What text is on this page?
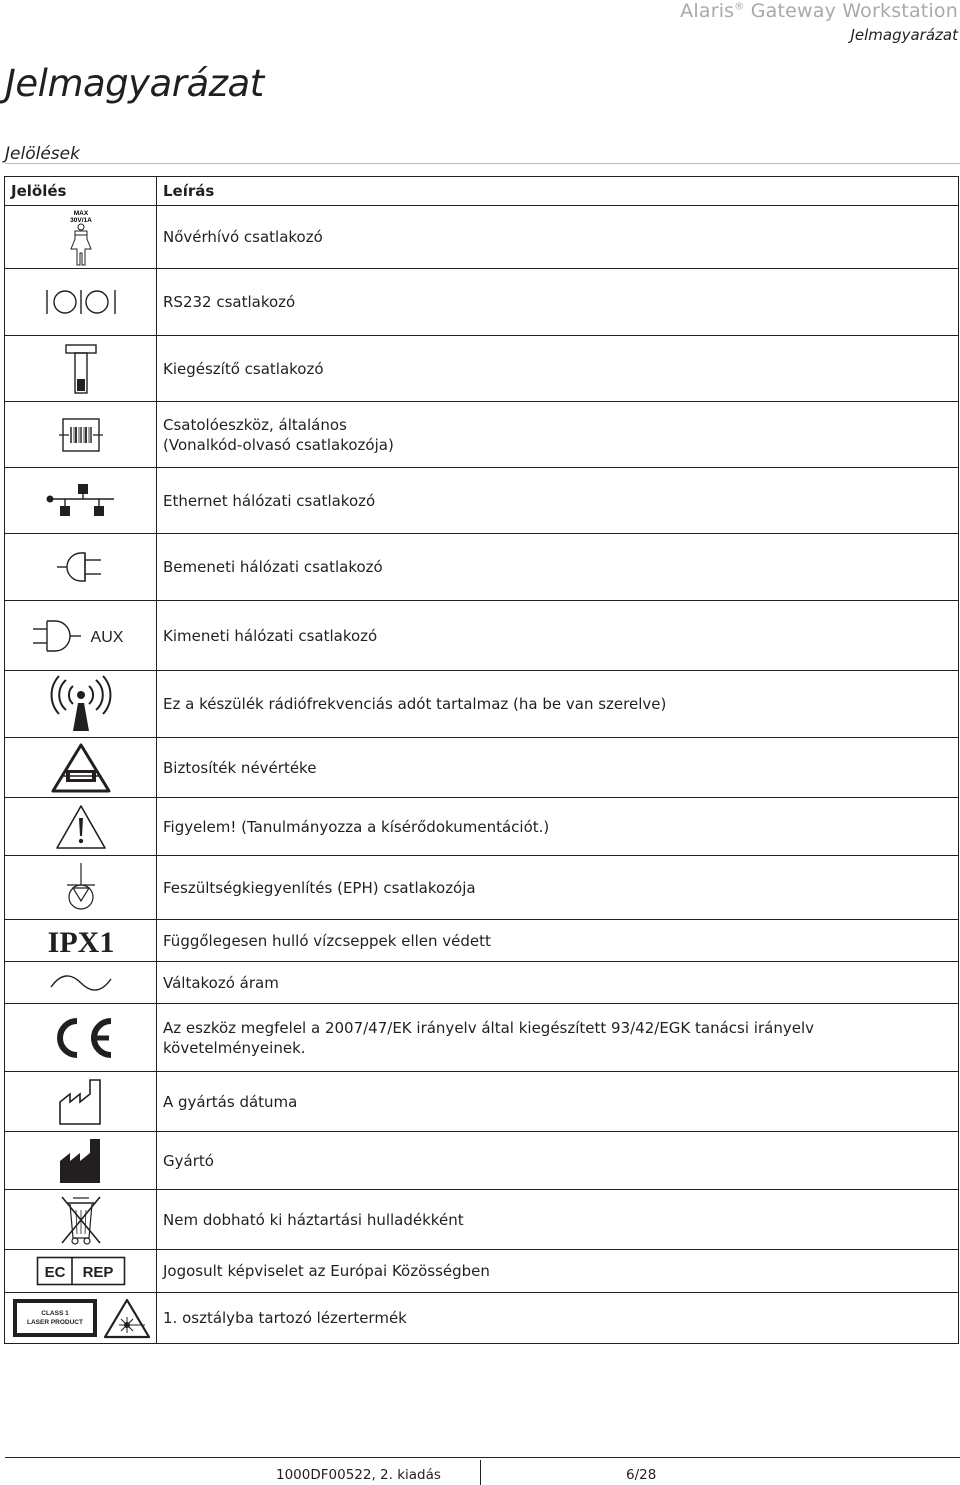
Alaris® Gateway Workstation
Jelmagyarázat
Jelmagyarázat
Jelölések
Jelölés	Leírás

MAX
30V/1A	Nővérhívó csatlakozó

	RS232 csatlakozó

	Kiegészítő csatlakozó

Csatolóeszköz, általános
(Vonalkód-olvasó csatlakozója)

	Ethernet hálózati csatlakozó

	Bemeneti hálózati csatlakozó

AUX	Kimeneti hálózati csatlakozó

	Ez a készülék rádiófrekvenciás adót tartalmaz (ha be van szerelve)

	Biztosíték névértéke

	Figyelem! (Tanulmányozza a kísérődokumentációt.)

	Feszültségkiegyenlítés (EPH) csatlakozója

IPX1	Függőlegesen hulló vízcseppek ellen védett

	Váltakozó áram

	Az eszköz megfelel a 2007/47/EK irányelv által kiegészített 93/42/EGK tanácsi irányelv követelményeinek.

	A gyártás dátuma

	Gyártó

	Nem dobható ki háztartási hulladékként

EC REP	Jogosult képviselet az Európai Közösségben

CLASS 1
LASER PRODUCT	1. osztályba tartozó lézertermék
1000DF00522, 2. kiadás	6/28
